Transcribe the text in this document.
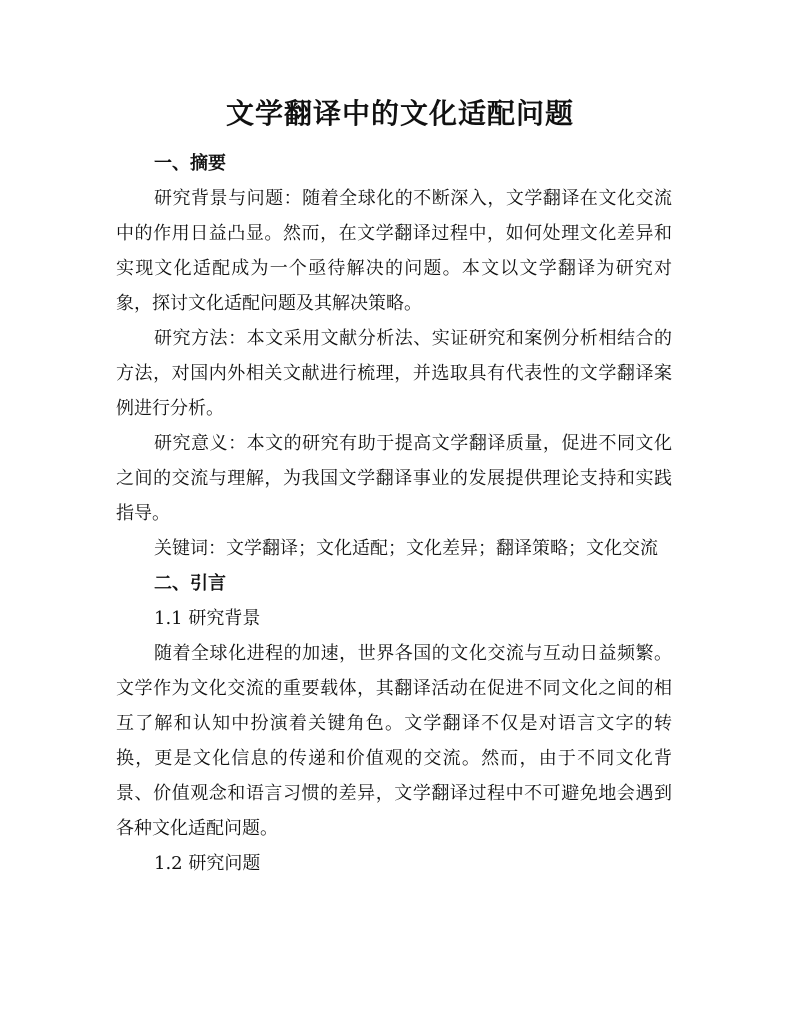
文学翻译中的文化适配问题
一、摘要

研究背景与问题：随着全球化的不断深入，文学翻译在文化交流中的作用日益凸显。然而，在文学翻译过程中，如何处理文化差异和实现文化适配成为一个亟待解决的问题。本文以文学翻译为研究对象，探讨文化适配问题及其解决策略。

研究方法：本文采用文献分析法、实证研究和案例分析相结合的方法，对国内外相关文献进行梳理，并选取具有代表性的文学翻译案例进行分析。

研究意义：本文的研究有助于提高文学翻译质量，促进不同文化之间的交流与理解，为我国文学翻译事业的发展提供理论支持和实践指导。

关键词：文学翻译；文化适配；文化差异；翻译策略；文化交流

二、引言
1.1 研究背景

随着全球化进程的加速，世界各国的文化交流与互动日益频繁。文学作为文化交流的重要载体，其翻译活动在促进不同文化之间的相互了解和认知中扮演着关键角色。文学翻译不仅是对语言文字的转换，更是文化信息的传递和价值观的交流。然而，由于不同文化背景、价值观念和语言习惯的差异，文学翻译过程中不可避免地会遇到各种文化适配问题。

1.2 研究问题
